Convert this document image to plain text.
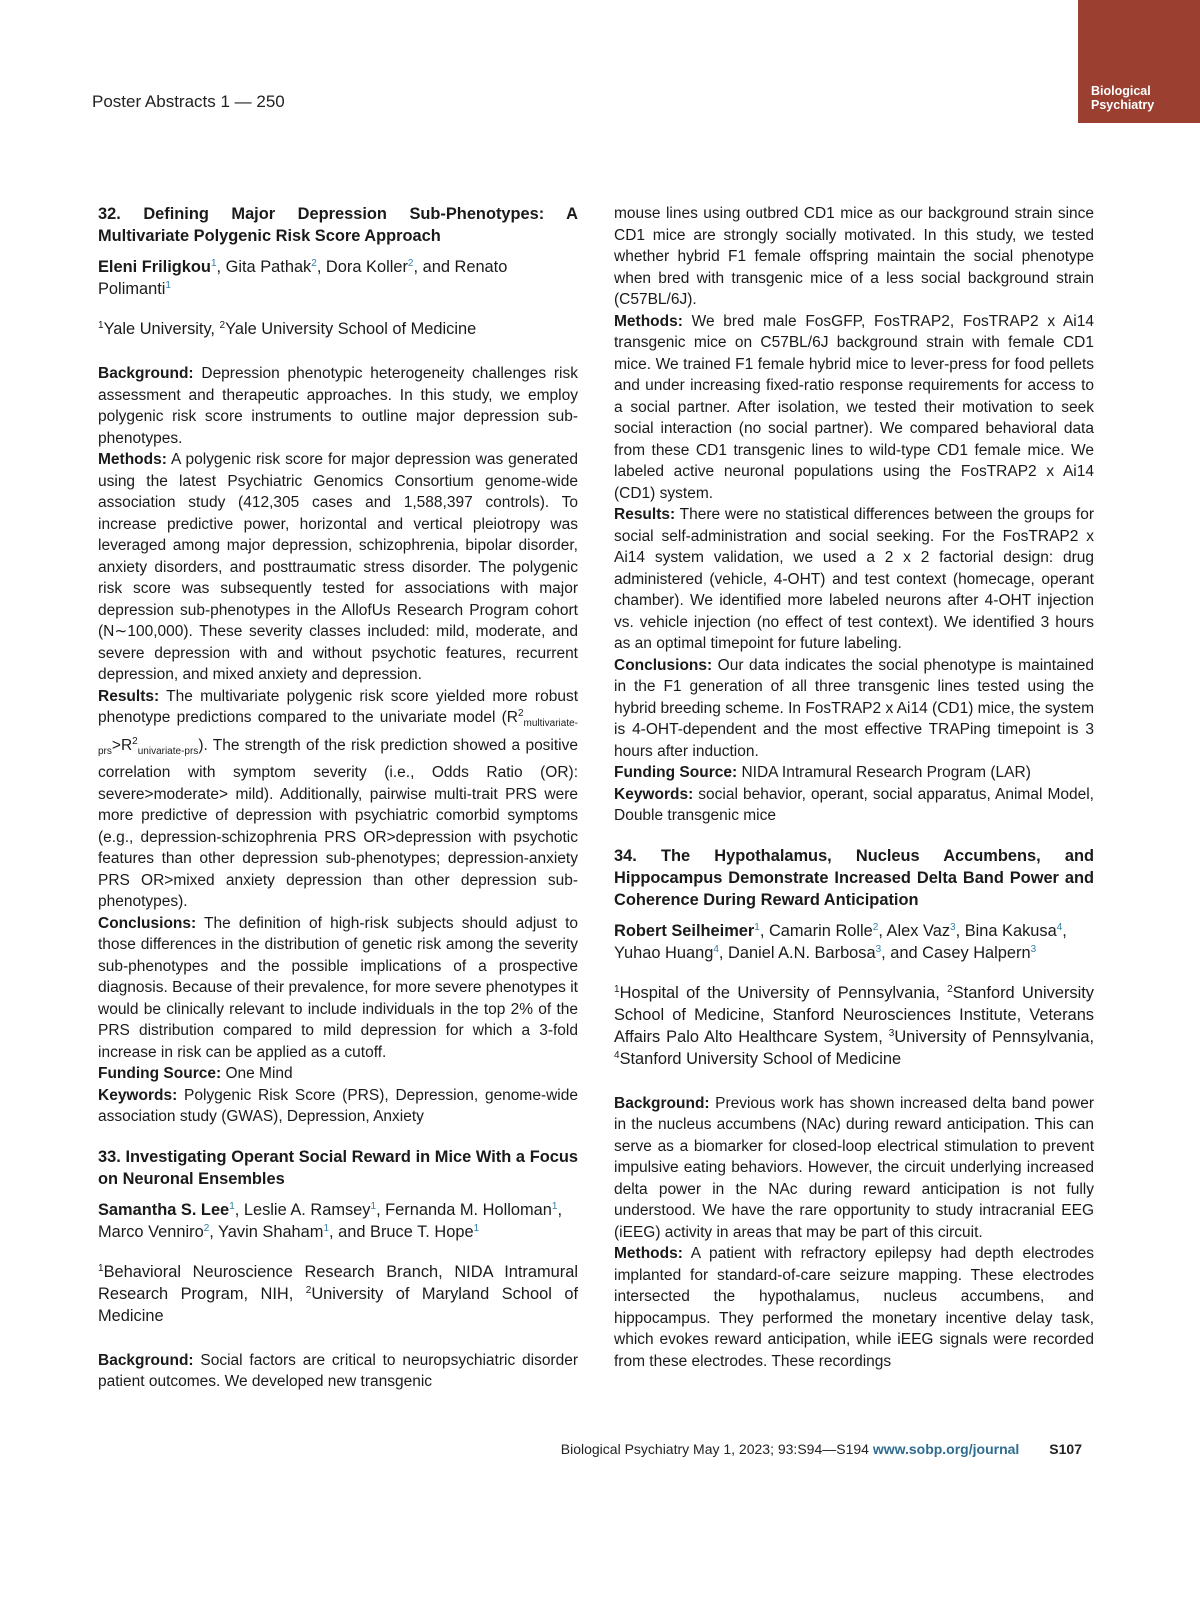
Biological
Psychiatry
Poster Abstracts 1 — 250

32. Defining Major Depression Sub-Phenotypes: A Multivariate Polygenic Risk Score Approach

Eleni Friligkou$^1$, Gita Pathak$^2$, Dora Koller$^2$, and Renato Polimanti$^1$

$^1$Yale University, $^2$Yale University School of Medicine

Background: Depression phenotypic heterogeneity challenges risk assessment and therapeutic approaches. In this study, we employ polygenic risk score instruments to outline major depression sub-phenotypes.

Methods: A polygenic risk score for major depression was generated using the latest Psychiatric Genomics Consortium genome-wide association study (412,305 cases and 1,588,397 controls). To increase predictive power, horizontal and vertical pleiotropy was leveraged among major depression, schizophrenia, bipolar disorder, anxiety disorders, and posttraumatic stress disorder. The polygenic risk score was subsequently tested for associations with major depression sub-phenotypes in the AllofUs Research Program cohort (N∼100,000). These severity classes included: mild, moderate, and severe depression with and without psychotic features, recurrent depression, and mixed anxiety and depression.

Results: The multivariate polygenic risk score yielded more robust phenotype predictions compared to the univariate model $(R^2_{multivariate-prs}>R^2_{univariate-prs})$. The strength of the risk prediction showed a positive correlation with symptom severity (i.e., Odds Ratio (OR): severe>moderate> mild). Additionally, pairwise multi-trait PRS were more predictive of depression with psychiatric comorbid symptoms (e.g., depression-schizophrenia PRS OR>depression with psychotic features than other depression sub-phenotypes; depression-anxiety PRS OR>mixed anxiety depression than other depression sub-phenotypes).

Conclusions: The definition of high-risk subjects should adjust to those differences in the distribution of genetic risk among the severity sub-phenotypes and the possible implications of a prospective diagnosis. Because of their prevalence, for more severe phenotypes it would be clinically relevant to include individuals in the top 2% of the PRS distribution compared to mild depression for which a 3-fold increase in risk can be applied as a cutoff.

Funding Source: One Mind

Keywords: Polygenic Risk Score (PRS), Depression, genome-wide association study (GWAS), Depression, Anxiety

33. Investigating Operant Social Reward in Mice With a Focus on Neuronal Ensembles

Samantha S. Lee$^1$, Leslie A. Ramsey$^1$, Fernanda M. Holloman$^1$, Marco Venniro$^2$, Yavin Shaham$^1$, and Bruce T. Hope$^1$

$^1$Behavioral Neuroscience Research Branch, NIDA Intramural Research Program, NIH, $^2$University of Maryland School of Medicine

Background: Social factors are critical to neuropsychiatric disorder patient outcomes. We developed new transgenic

mouse lines using outbred CD1 mice as our background strain since CD1 mice are strongly socially motivated. In this study, we tested whether hybrid F1 female offspring maintain the social phenotype when bred with transgenic mice of a less social background strain (C57BL/6J).

Methods: We bred male FosGFP, FosTRAP2, FosTRAP2 x Ai14 transgenic mice on C57BL/6J background strain with female CD1 mice. We trained F1 female hybrid mice to lever-press for food pellets and under increasing fixed-ratio response requirements for access to a social partner. After isolation, we tested their motivation to seek social interaction (no social partner). We compared behavioral data from these CD1 transgenic lines to wild-type CD1 female mice. We labeled active neuronal populations using the FosTRAP2 x Ai14 (CD1) system.

Results: There were no statistical differences between the groups for social self-administration and social seeking. For the FosTRAP2 x Ai14 system validation, we used a 2 x 2 factorial design: drug administered (vehicle, 4-OHT) and test context (homecage, operant chamber). We identified more labeled neurons after 4-OHT injection vs. vehicle injection (no effect of test context). We identified 3 hours as an optimal timepoint for future labeling.

Conclusions: Our data indicates the social phenotype is maintained in the F1 generation of all three transgenic lines tested using the hybrid breeding scheme. In FosTRAP2 x Ai14 (CD1) mice, the system is 4-OHT-dependent and the most effective TRAPing timepoint is 3 hours after induction.

Funding Source: NIDA Intramural Research Program (LAR)

Keywords: social behavior, operant, social apparatus, Animal Model, Double transgenic mice

34. The Hypothalamus, Nucleus Accumbens, and Hippocampus Demonstrate Increased Delta Band Power and Coherence During Reward Anticipation

Robert Seilheimer$^1$, Camarin Rolle$^2$, Alex Vaz$^3$, Bina Kakusa$^4$, Yuhao Huang$^4$, Daniel A.N. Barbosa$^3$, and Casey Halpern$^3$

$^1$Hospital of the University of Pennsylvania, $^2$Stanford University School of Medicine, Stanford Neurosciences Institute, Veterans Affairs Palo Alto Healthcare System, $^3$University of Pennsylvania, $^4$Stanford University School of Medicine

Background: Previous work has shown increased delta band power in the nucleus accumbens (NAc) during reward anticipation. This can serve as a biomarker for closed-loop electrical stimulation to prevent impulsive eating behaviors. However, the circuit underlying increased delta power in the NAc during reward anticipation is not fully understood. We have the rare opportunity to study intracranial EEG (iEEG) activity in areas that may be part of this circuit.

Methods: A patient with refractory epilepsy had depth electrodes implanted for standard-of-care seizure mapping. These electrodes intersected the hypothalamus, nucleus accumbens, and hippocampus. They performed the monetary incentive delay task, which evokes reward anticipation, while iEEG signals were recorded from these electrodes. These recordings

Biological Psychiatry May 1, 2023; 93:S94—S194 www.sobp.org/journal S107
